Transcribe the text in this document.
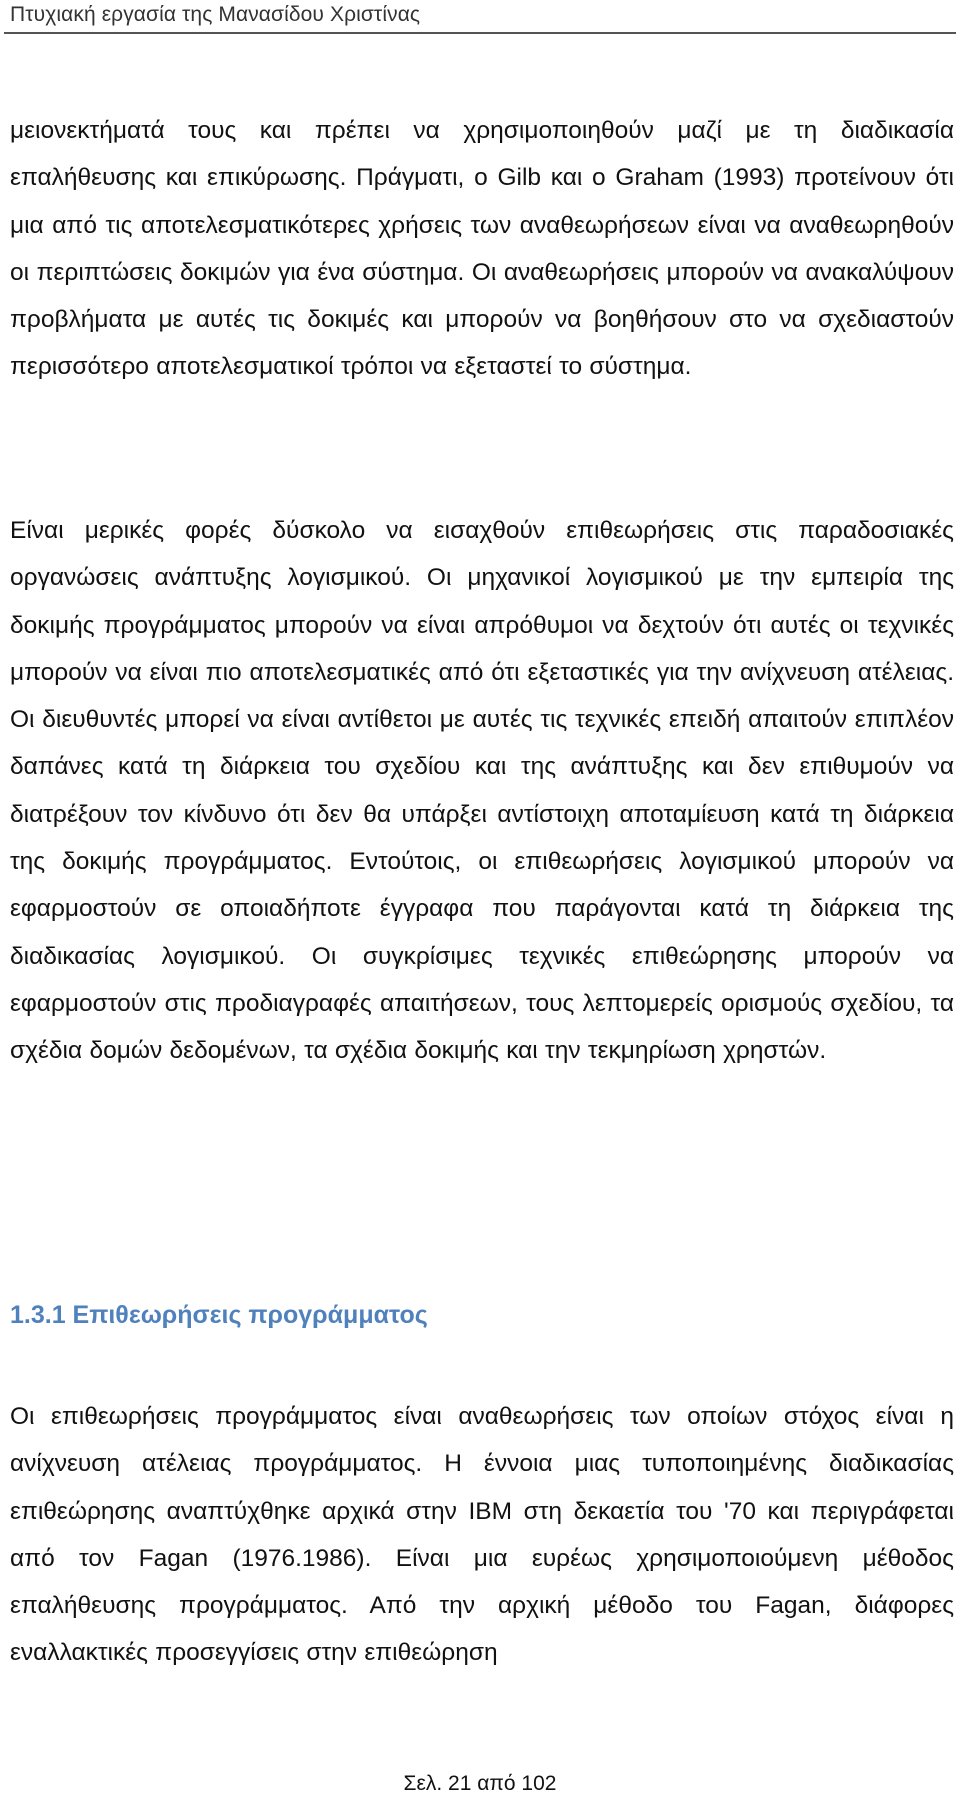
Πτυχιακή εργασία της Μανασίδου Χριστίνας

μειονεκτήματά τους και πρέπει να χρησιμοποιηθούν μαζί με τη διαδικασία επαλήθευσης και επικύρωσης. Πράγματι, ο Gilb και ο Graham (1993) προτείνουν ότι μια από τις αποτελεσματικότερες χρήσεις των αναθεωρήσεων είναι να αναθεωρηθούν οι περιπτώσεις δοκιμών για ένα σύστημα. Οι αναθεωρήσεις μπορούν να ανακαλύψουν προβλήματα με αυτές τις δοκιμές και μπορούν να βοηθήσουν στο να σχεδιαστούν περισσότερο αποτελεσματικοί τρόποι να εξεταστεί το σύστημα.

Είναι μερικές φορές δύσκολο να εισαχθούν επιθεωρήσεις στις παραδοσιακές οργανώσεις ανάπτυξης λογισμικού. Οι μηχανικοί λογισμικού με την εμπειρία της δοκιμής προγράμματος μπορούν να είναι απρόθυμοι να δεχτούν ότι αυτές οι τεχνικές μπορούν να είναι πιο αποτελεσματικές από ότι εξεταστικές για την ανίχνευση ατέλειας. Οι διευθυντές μπορεί να είναι αντίθετοι με αυτές τις τεχνικές επειδή απαιτούν επιπλέον δαπάνες κατά τη διάρκεια του σχεδίου και της ανάπτυξης και δεν επιθυμούν να διατρέξουν τον κίνδυνο ότι δεν θα υπάρξει αντίστοιχη αποταμίευση κατά τη διάρκεια της δοκιμής προγράμματος. Εντούτοις, οι επιθεωρήσεις λογισμικού μπορούν να εφαρμοστούν σε οποιαδήποτε έγγραφα που παράγονται κατά τη διάρκεια της διαδικασίας λογισμικού. Οι συγκρίσιμες τεχνικές επιθεώρησης μπορούν να εφαρμοστούν στις προδιαγραφές απαιτήσεων, τους λεπτομερείς ορισμούς σχεδίου, τα σχέδια δομών δεδομένων, τα σχέδια δοκιμής και την τεκμηρίωση χρηστών.

1.3.1 Επιθεωρήσεις προγράμματος

Οι επιθεωρήσεις προγράμματος είναι αναθεωρήσεις των οποίων στόχος είναι η ανίχνευση ατέλειας προγράμματος. Η έννοια μιας τυποποιημένης διαδικασίας επιθεώρησης αναπτύχθηκε αρχικά στην IBM στη δεκαετία του '70 και περιγράφεται από τον Fagan (1976.1986). Είναι μια ευρέως χρησιμοποιούμενη μέθοδος επαλήθευσης προγράμματος. Από την αρχική μέθοδο του Fagan, διάφορες εναλλακτικές προσεγγίσεις στην επιθεώρηση

Σελ. 21 από 102
